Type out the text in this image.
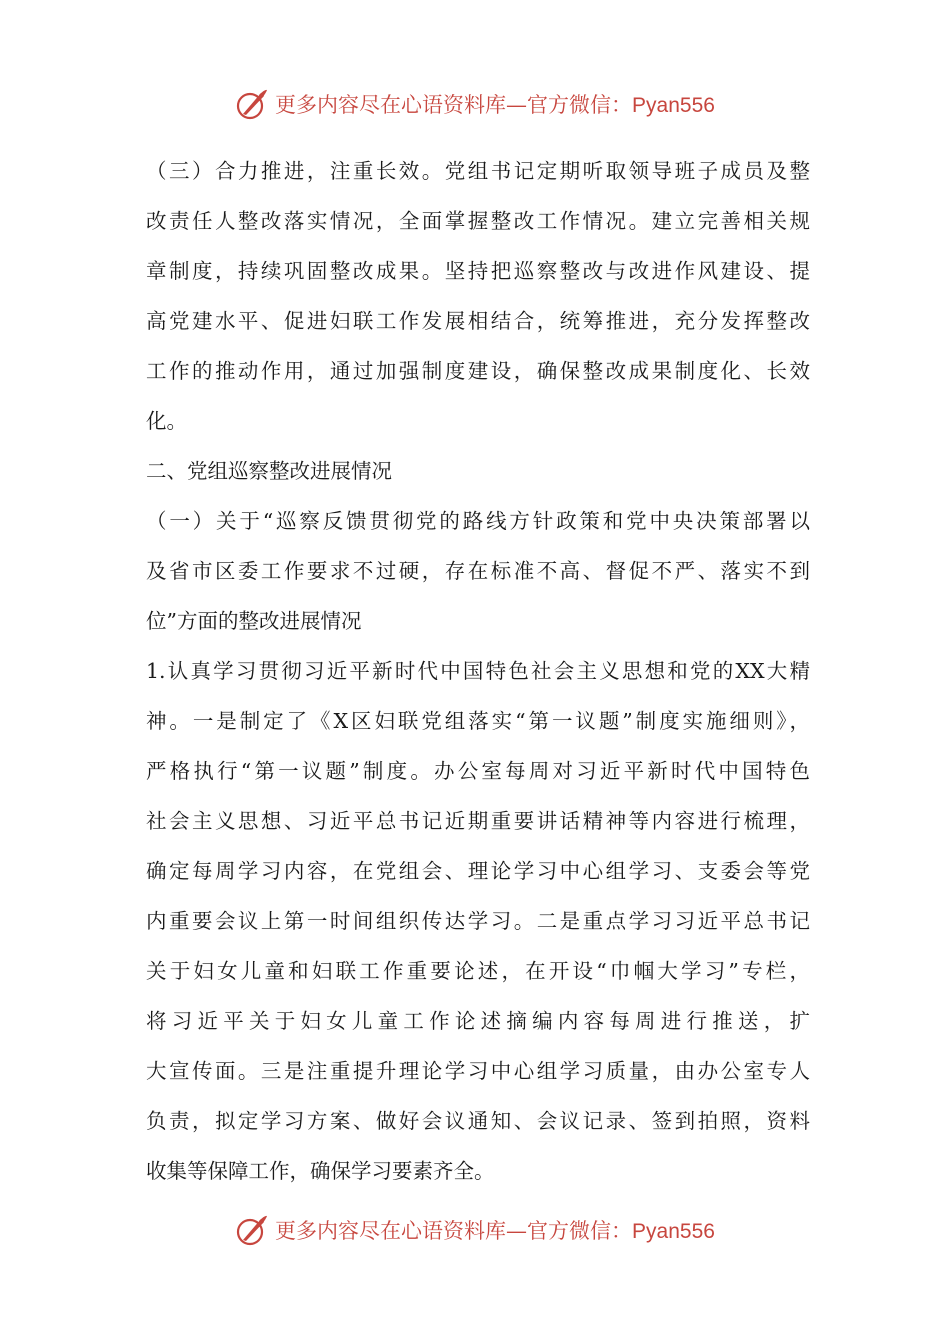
更多内容尽在心语资料库—官方微信：Pyan556
（三）合力推进，注重长效。党组书记定期听取领导班子成员及整
改责任人整改落实情况，全面掌握整改工作情况。建立完善相关规
章制度，持续巩固整改成果。坚持把巡察整改与改进作风建设、提
高党建水平、促进妇联工作发展相结合，统筹推进，充分发挥整改
工作的推动作用，通过加强制度建设，确保整改成果制度化、长效
化。
二、党组巡察整改进展情况
（一）关于“巡察反馈贯彻党的路线方针政策和党中央决策部署以
及省市区委工作要求不过硬，存在标准不高、督促不严、落实不到
位”方面的整改进展情况
1.认真学习贯彻习近平新时代中国特色社会主义思想和党的XX大精
神。一是制定了《X区妇联党组落实“第一议题”制度实施细则》，
严格执行“第一议题”制度。办公室每周对习近平新时代中国特色
社会主义思想、习近平总书记近期重要讲话精神等内容进行梳理，
确定每周学习内容，在党组会、理论学习中心组学习、支委会等党
内重要会议上第一时间组织传达学习。二是重点学习习近平总书记
关于妇女儿童和妇联工作重要论述，在开设“巾帼大学习”专栏，
将习近平关于妇女儿童工作论述摘编内容每周进行推送，扩
大宣传面。三是注重提升理论学习中心组学习质量，由办公室专人
负责，拟定学习方案、做好会议通知、会议记录、签到拍照，资料
收集等保障工作，确保学习要素齐全。
更多内容尽在心语资料库—官方微信：Pyan556
